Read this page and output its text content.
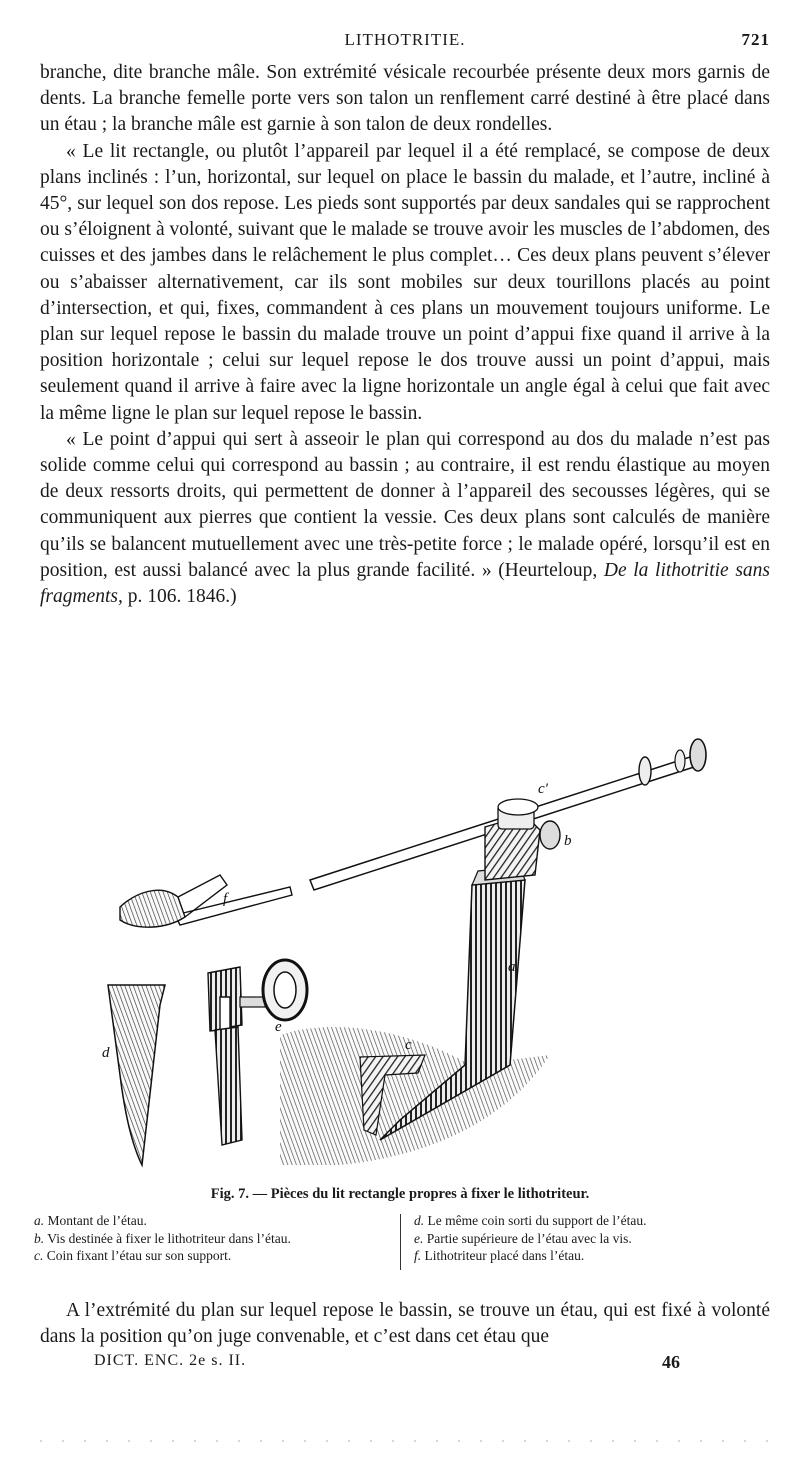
LITHOTRITIE.	721

branche, dite branche mâle. Son extrémité vésicale recourbée présente deux mors garnis de dents. La branche femelle porte vers son talon un renflement carré destiné à être placé dans un étau ; la branche mâle est garnie à son talon de deux rondelles.

« Le lit rectangle, ou plutôt l’appareil par lequel il a été remplacé, se compose de deux plans inclinés : l’un, horizontal, sur lequel on place le bassin du malade, et l’autre, incliné à 45°, sur lequel son dos repose. Les pieds sont supportés par deux sandales qui se rapprochent ou s’éloignent à volonté, suivant que le malade se trouve avoir les muscles de l’abdomen, des cuisses et des jambes dans le relâchement le plus complet… Ces deux plans peuvent s’élever ou s’abaisser alternativement, car ils sont mobiles sur deux tourillons placés au point d’intersection, et qui, fixes, commandent à ces plans un mouvement toujours uniforme. Le plan sur lequel repose le bassin du malade trouve un point d’appui fixe quand il arrive à la position horizontale ; celui sur lequel repose le dos trouve aussi un point d’appui, mais seulement quand il arrive à faire avec la ligne horizontale un angle égal à celui que fait avec la même ligne le plan sur lequel repose le bassin.

« Le point d’appui qui sert à asseoir le plan qui correspond au dos du malade n’est pas solide comme celui qui correspond au bassin ; au contraire, il est rendu élastique au moyen de deux ressorts droits, qui permettent de donner à l’appareil des secousses légères, qui se communiquent aux pierres que contient la vessie. Ces deux plans sont calculés de manière qu’ils se balancent mutuellement avec une très-petite force ; le malade opéré, lorsqu’il est en position, est aussi balancé avec la plus grande facilité. » (Heurteloup, De la lithotritie sans fragments, p. 106. 1846.)

c'
b
f
a
e
c
d
Fig. 7. — Pièces du lit rectangle propres à fixer le lithotriteur.
a. Montant de l’étau.
b. Vis destinée à fixer le lithotriteur dans l’étau.
c. Coin fixant l’étau sur son support.
d. Le même coin sorti du support de l’étau.
e. Partie supérieure de l’étau avec la vis.
f. Lithotriteur placé dans l’étau.

A l’extrémité du plan sur lequel repose le bassin, se trouve un étau, qui est fixé à volonté dans la position qu’on juge convenable, et c’est dans cet étau que

DICT. ENC. 2e s. II.	46
